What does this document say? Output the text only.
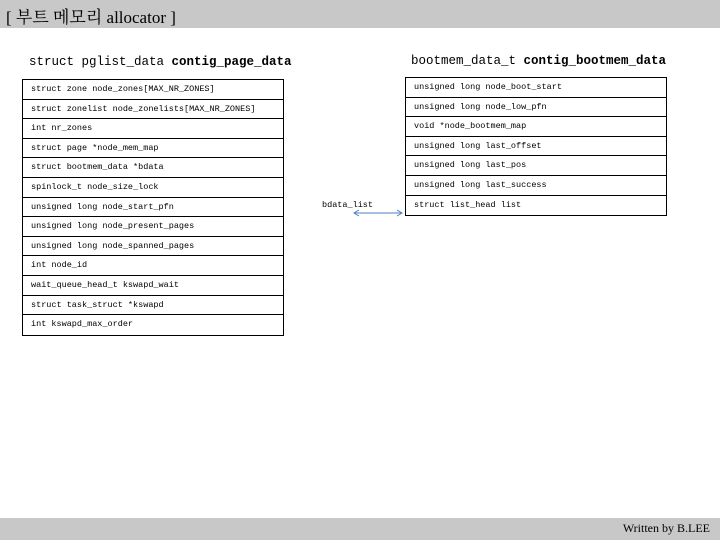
[ 부트 메모리 allocator ]
struct pglist_data contig_page_data
struct zone node_zones[MAX_NR_ZONES]
struct zonelist node_zonelists[MAX_NR_ZONES]
int nr_zones
struct page *node_mem_map
struct bootmem_data *bdata
spinlock_t node_size_lock
unsigned long node_start_pfn
unsigned long node_present_pages
unsigned long node_spanned_pages
int node_id
wait_queue_head_t kswapd_wait
struct task_struct *kswapd
int kswapd_max_order
bootmem_data_t contig_bootmem_data
unsigned long node_boot_start
unsigned long node_low_pfn
void *node_bootmem_map
unsigned long last_offset
unsigned long last_pos
unsigned long last_success
struct list_head list
bdata_list
Written by B.LEE
